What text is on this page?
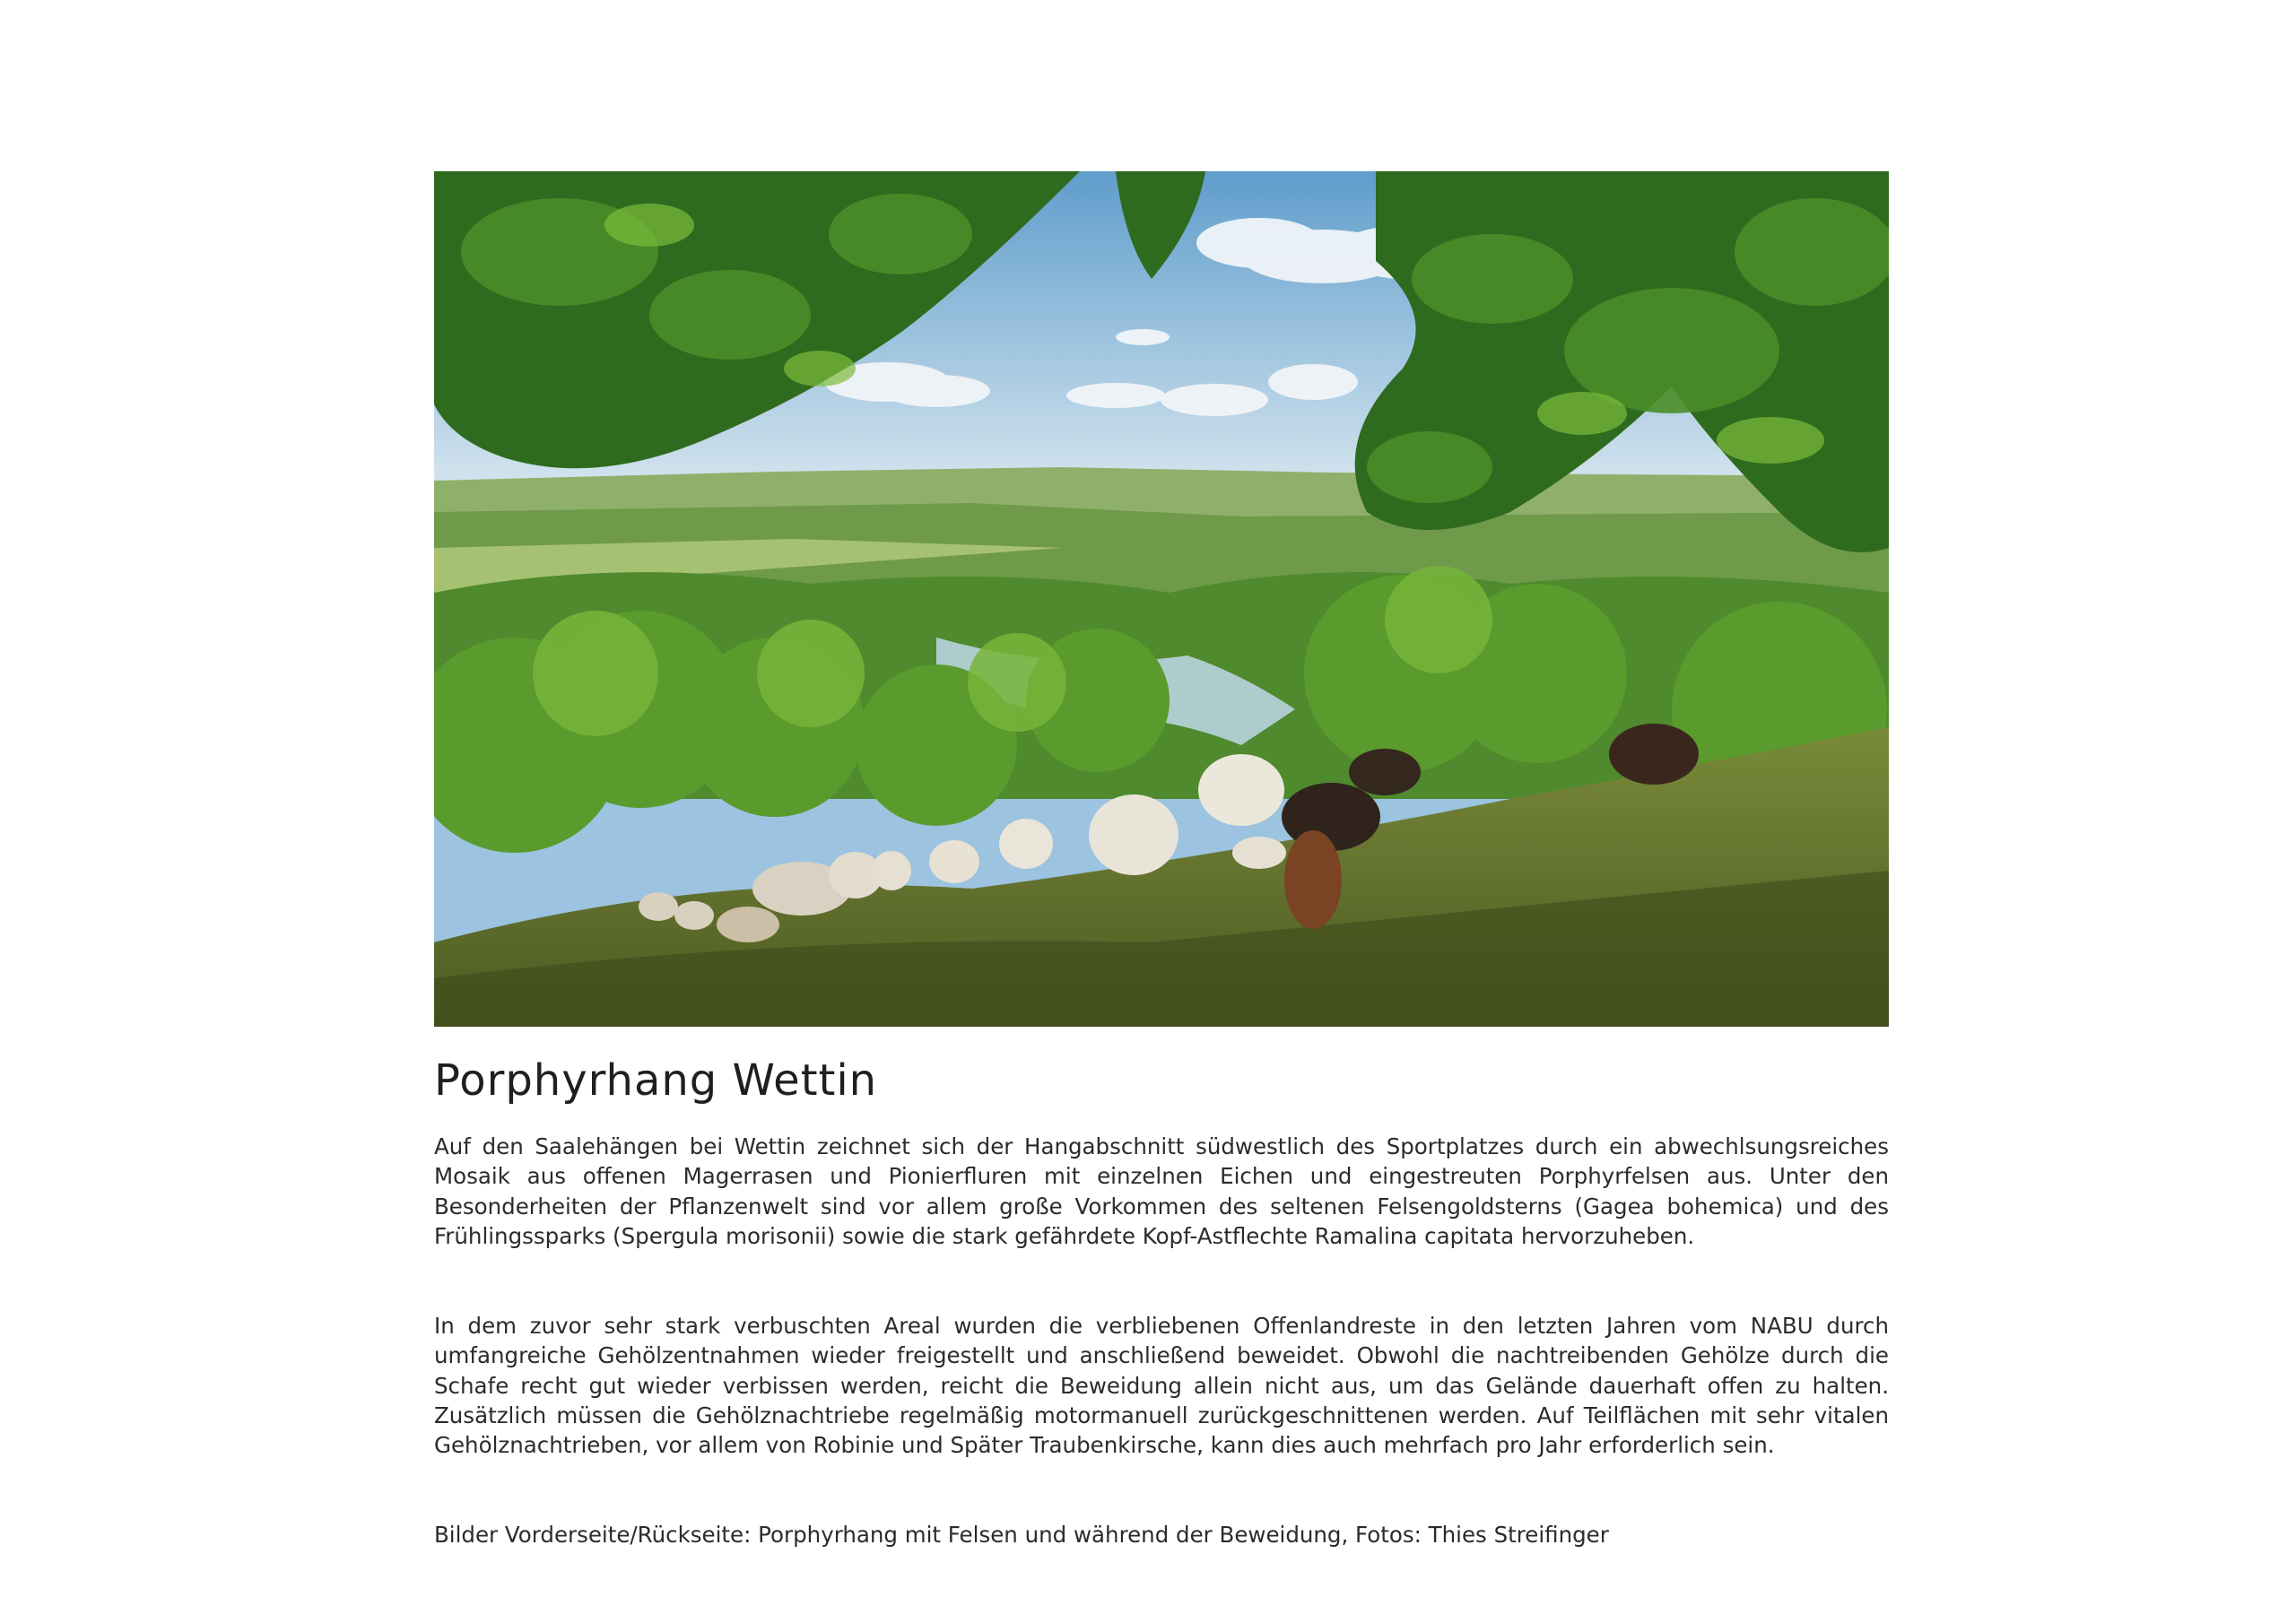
Porphyrhang Wettin

Auf den Saalehängen bei Wettin zeichnet sich der Hangabschnitt südwestlich des Sportplatzes durch ein abwechlsungsreiches Mosaik aus offenen Magerrasen und Pionierfluren mit einzelnen Eichen und eingestreuten Porphyrfelsen aus. Unter den Besonderheiten der Pflanzenwelt sind vor allem große Vorkommen des seltenen Felsengoldsterns (Gagea bohemica) und des Frühlingssparks (Spergula morisonii) sowie die stark gefährdete Kopf-Astflechte Ramalina capitata hervorzuheben.

In dem zuvor sehr stark verbuschten Areal wurden die verbliebenen Offenlandreste in den letzten Jahren vom NABU durch umfangreiche Gehölzentnahmen wieder freigestellt und anschließend beweidet. Obwohl die nachtreibenden Gehölze durch die Schafe recht gut wieder verbissen werden, reicht die Beweidung allein nicht aus, um das Gelände dauerhaft offen zu halten. Zusätzlich müssen die Gehölznachtriebe regelmäßig motormanuell zurückgeschnittenen werden. Auf Teilflächen mit sehr vitalen Gehölznachtrieben, vor allem von Robinie und Später Traubenkirsche, kann dies auch mehrfach pro Jahr erforderlich sein.

Bilder Vorderseite/Rückseite: Porphyrhang mit Felsen und während der Beweidung, Fotos: Thies Streifinger
